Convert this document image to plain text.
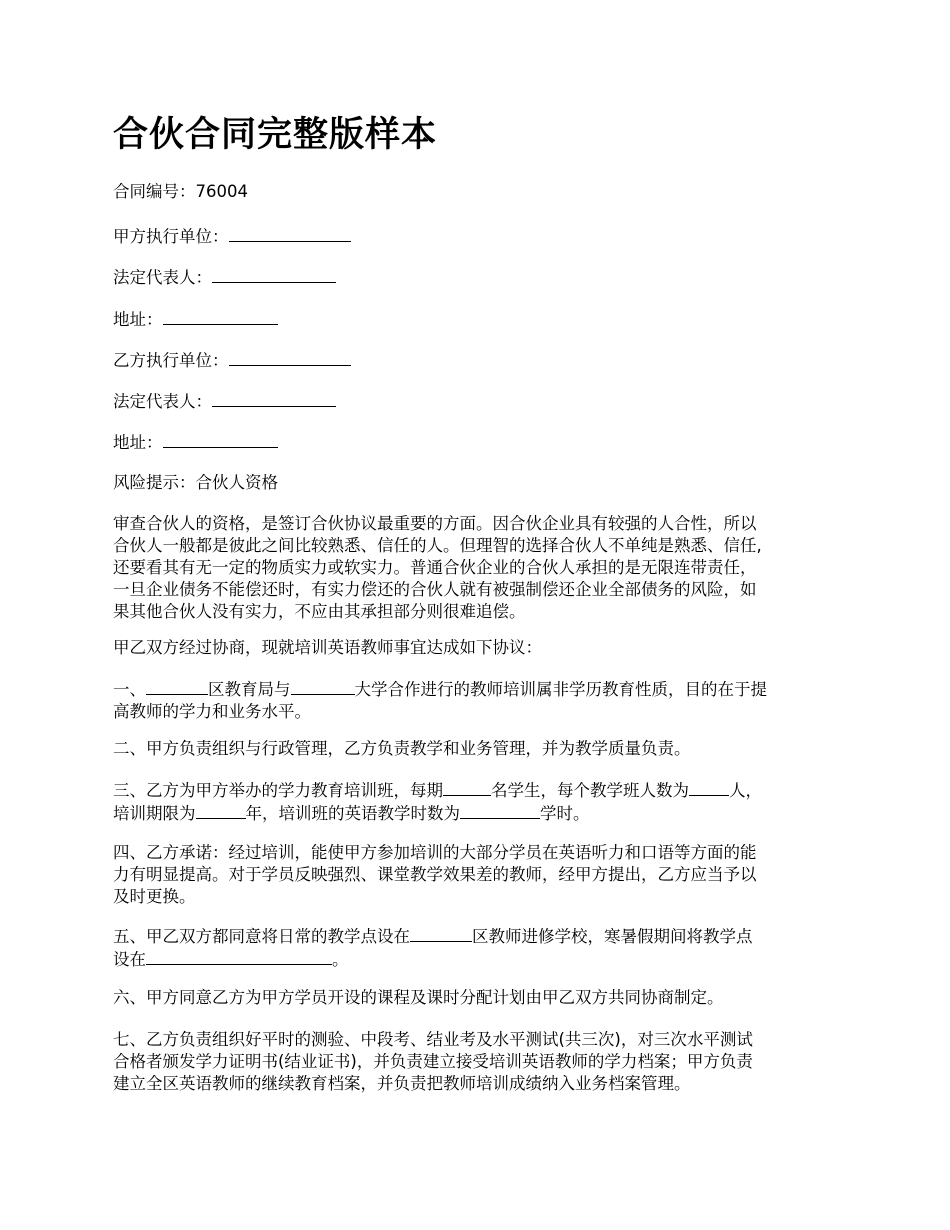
合伙合同完整版样本

合同编号：76004

甲方执行单位：

法定代表人：

地址：

乙方执行单位：

法定代表人：

地址：

风险提示：合伙人资格

审查合伙人的资格，是签订合伙协议最重要的方面。因合伙企业具有较强的人合性，所以
合伙人一般都是彼此之间比较熟悉、信任的人。但理智的选择合伙人不单纯是熟悉、信任,
还要看其有无一定的物质实力或软实力。普通合伙企业的合伙人承担的是无限连带责任，
一旦企业债务不能偿还时，有实力偿还的合伙人就有被强制偿还企业全部债务的风险，如
果其他合伙人没有实力，不应由其承担部分则很难追偿。

甲乙双方经过协商，现就培训英语教师事宜达成如下协议：

一、	区教育局与	大学合作进行的教师培训属非学历教育性质，目的在于提
高教师的学力和业务水平。

二、甲方负责组织与行政管理，乙方负责教学和业务管理，并为教学质量负责。

三、乙方为甲方举办的学力教育培训班，每期	名学生，每个教学班人数为 人，
培训期限为	年，培训班的英语教学时数为	学时。

四、乙方承诺：经过培训，能使甲方参加培训的大部分学员在英语听力和口语等方面的能
力有明显提高。对于学员反映强烈、课堂教学效果差的教师，经甲方提出，乙方应当予以
及时更换。

五、甲乙双方都同意将日常的教学点设在	区教师进修学校，寒暑假期间将教学点
设在	。

六、甲方同意乙方为甲方学员开设的课程及课时分配计划由甲乙双方共同协商制定。

七、乙方负责组织好平时的测验、中段考、结业考及水平测试(共三次)，对三次水平测试
合格者颁发学力证明书(结业证书)，并负责建立接受培训英语教师的学力档案；甲方负责
建立全区英语教师的继续教育档案，并负责把教师培训成绩纳入业务档案管理。
